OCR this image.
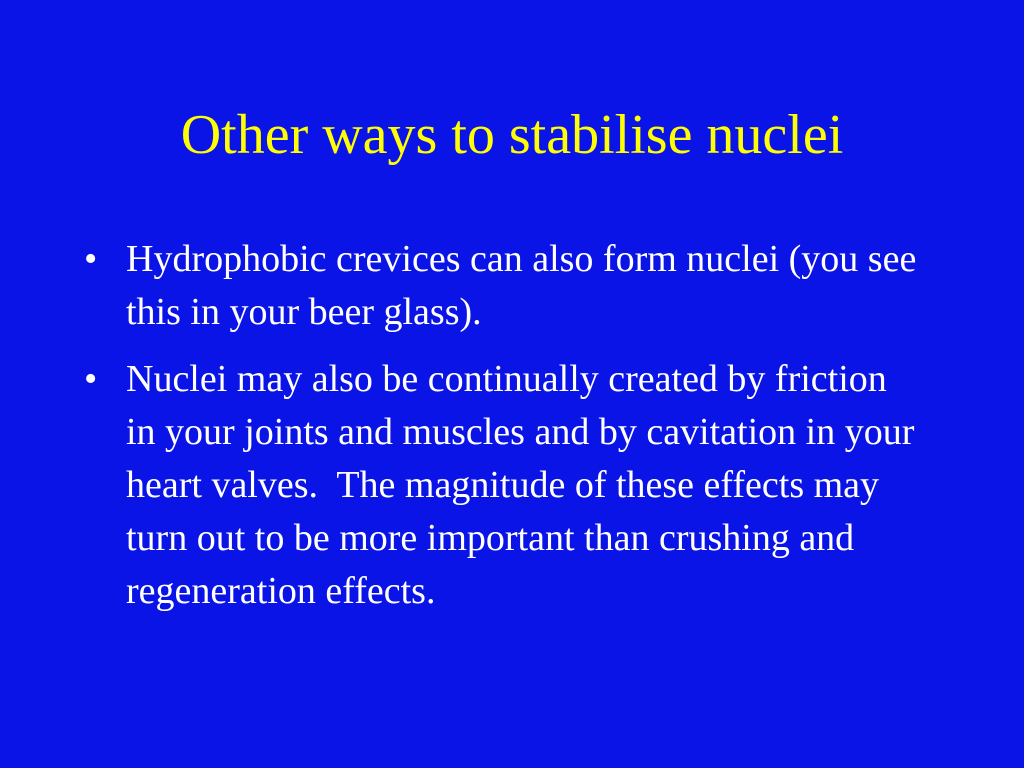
Other ways to stabilise nuclei
• Hydrophobic crevices can also form nuclei (you see this in your beer glass).
• Nuclei may also be continually created by friction in your joints and muscles and by cavitation in your heart valves.  The magnitude of these effects may turn out to be more important than crushing and regeneration effects.
